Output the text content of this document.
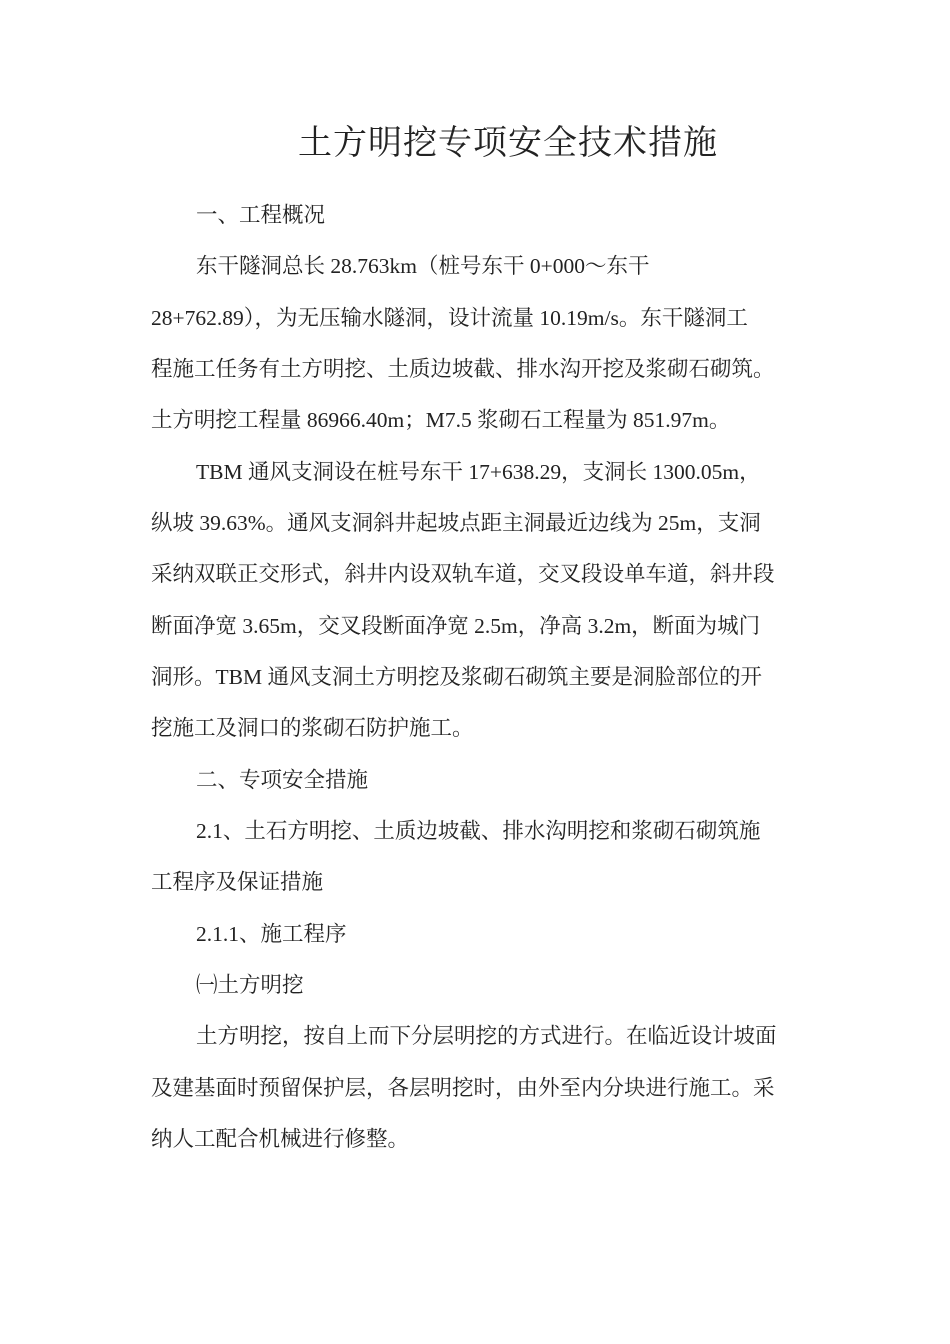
土方明挖专项安全技术措施
一、工程概况
东干隧洞总长 28.763km（桩号东干 0+000～东干
28+762.89），为无压输水隧洞，设计流量 10.19m/s。东干隧洞工
程施工任务有土方明挖、土质边坡截、排水沟开挖及浆砌石砌筑。
土方明挖工程量 86966.40m；M7.5 浆砌石工程量为 851.97m。
TBM 通风支洞设在桩号东干 17+638.29，支洞长 1300.05m，
纵坡 39.63%。通风支洞斜井起坡点距主洞最近边线为 25m，支洞
采纳双联正交形式，斜井内设双轨车道，交叉段设单车道，斜井段
断面净宽 3.65m，交叉段断面净宽 2.5m，净高 3.2m，断面为城门
洞形。TBM 通风支洞土方明挖及浆砌石砌筑主要是洞脸部位的开
挖施工及洞口的浆砌石防护施工。
二、专项安全措施
2.1、土石方明挖、土质边坡截、排水沟明挖和浆砌石砌筑施
工程序及保证措施
2.1.1、施工程序
㈠土方明挖
土方明挖，按自上而下分层明挖的方式进行。在临近设计坡面
及建基面时预留保护层，各层明挖时，由外至内分块进行施工。采
纳人工配合机械进行修整。
